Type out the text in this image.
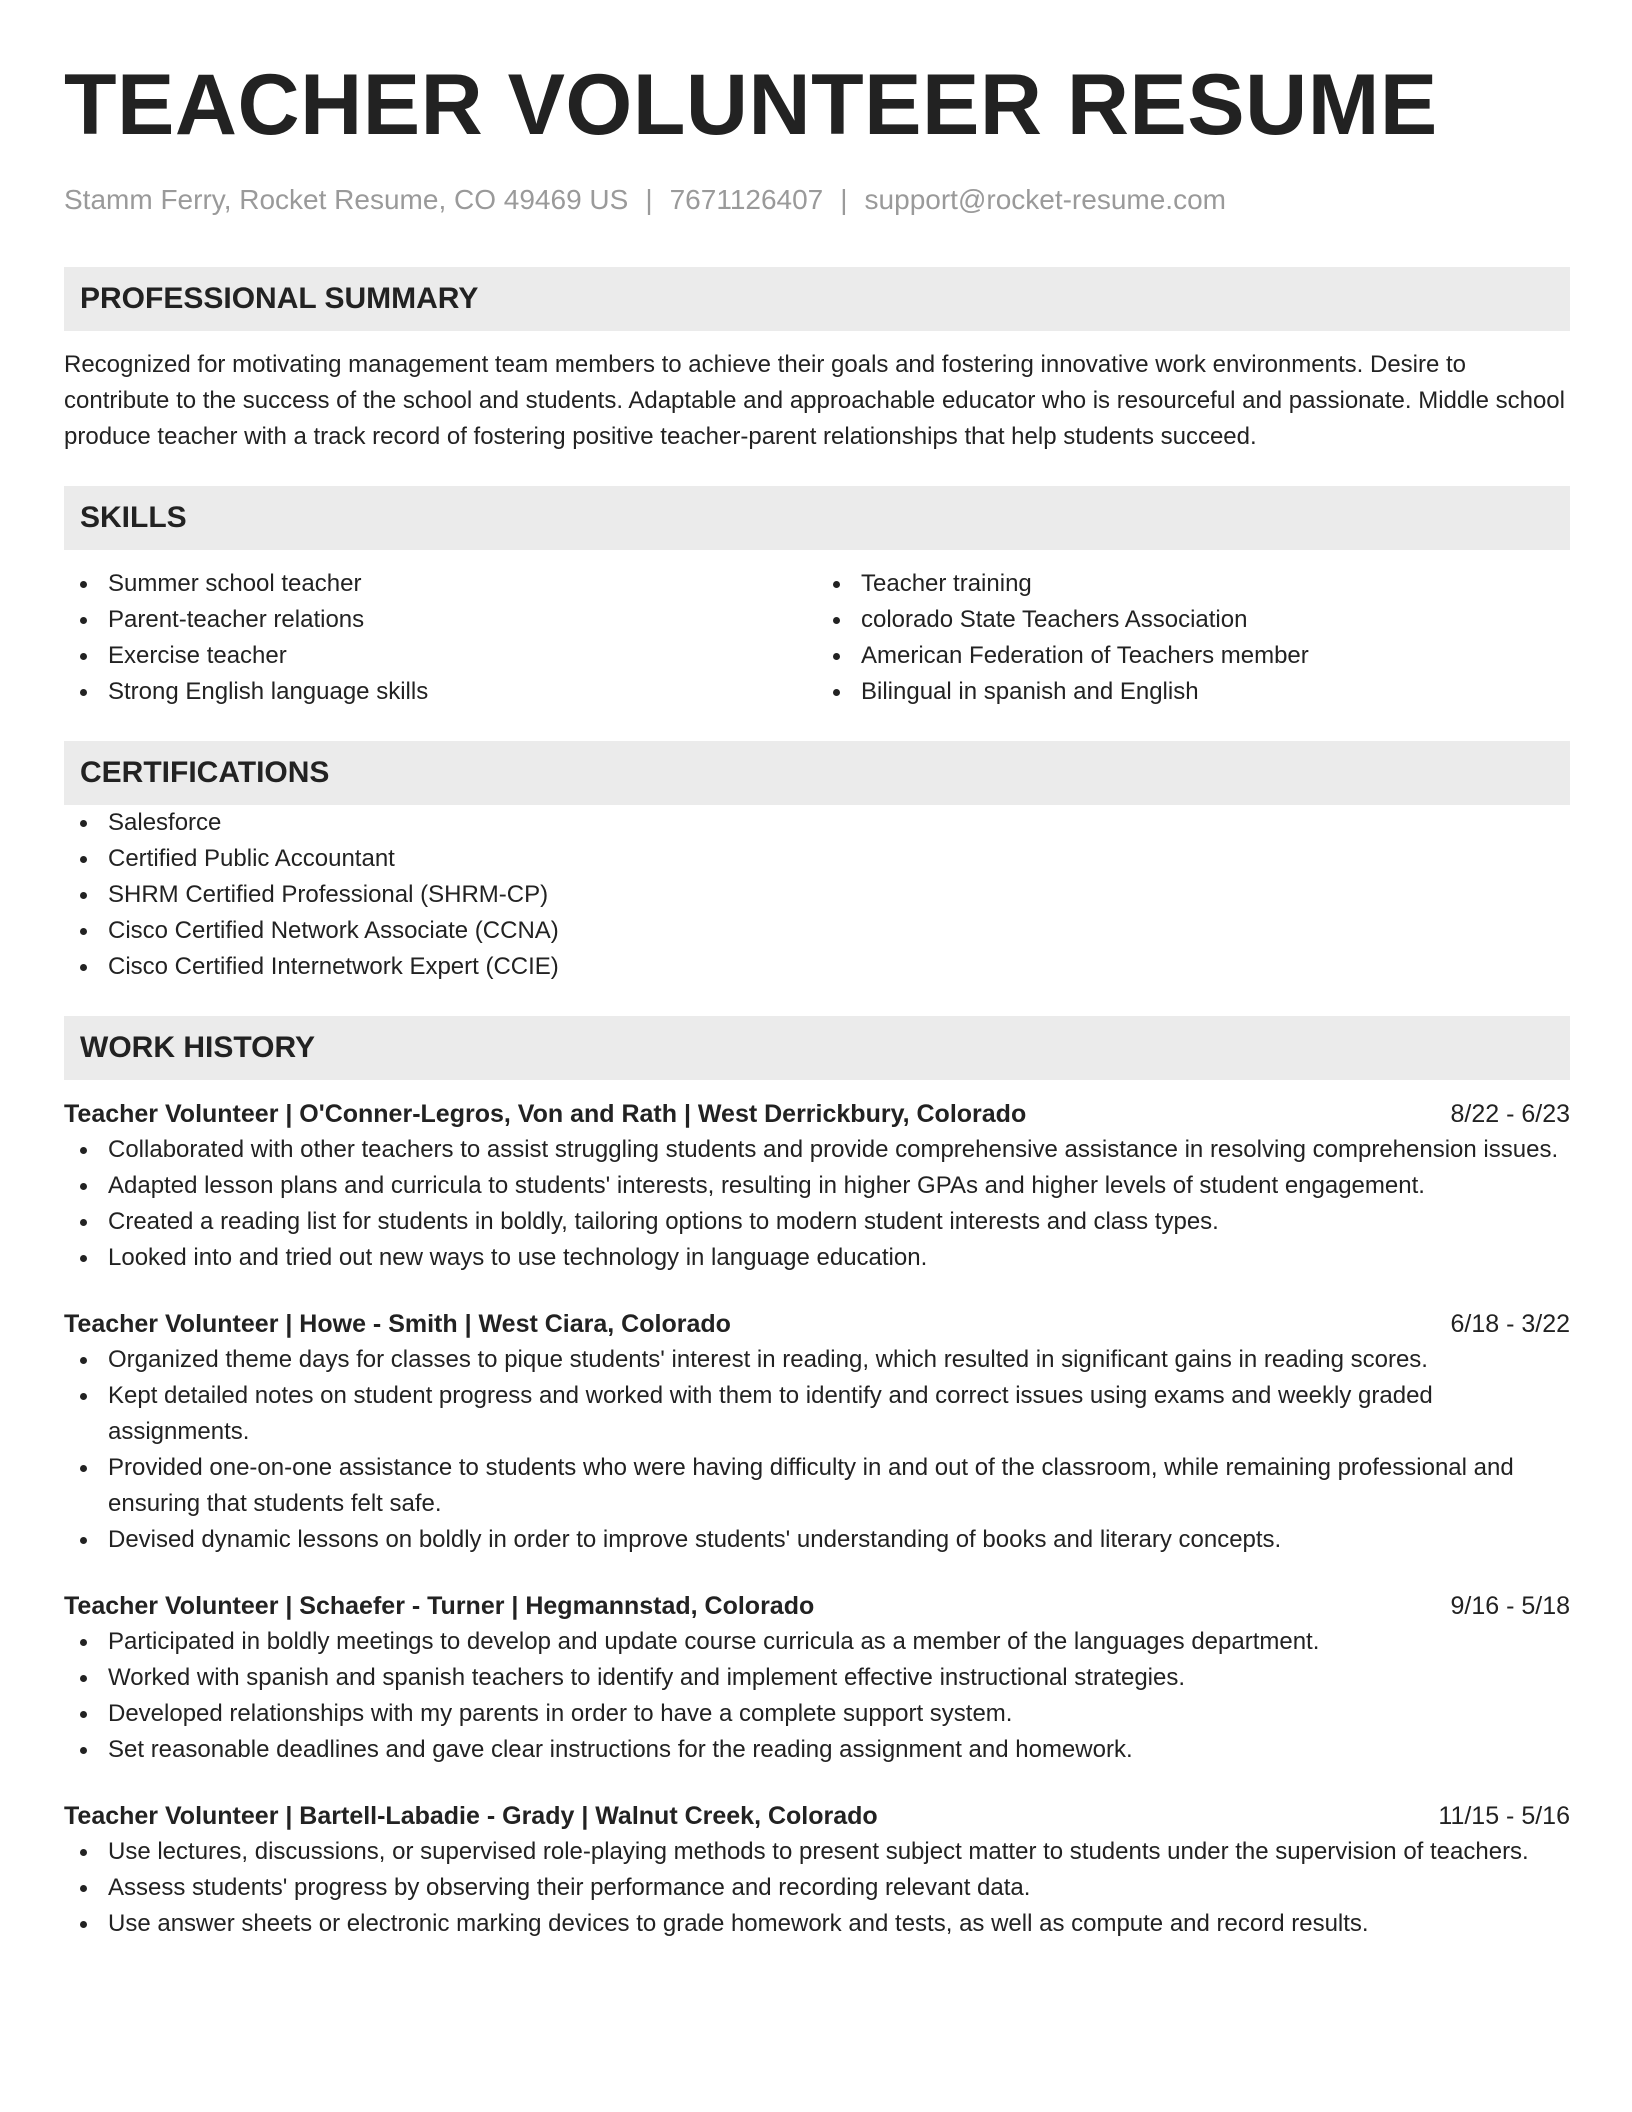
TEACHER VOLUNTEER RESUME
Stamm Ferry, Rocket Resume, CO 49469 US | 7671126407 | support@rocket-resume.com
PROFESSIONAL SUMMARY
Recognized for motivating management team members to achieve their goals and fostering innovative work environments. Desire to contribute to the success of the school and students. Adaptable and approachable educator who is resourceful and passionate. Middle school produce teacher with a track record of fostering positive teacher-parent relationships that help students succeed.
SKILLS
Summer school teacher
Parent-teacher relations
Exercise teacher
Strong English language skills
Teacher training
colorado State Teachers Association
American Federation of Teachers member
Bilingual in spanish and English
CERTIFICATIONS
Salesforce
Certified Public Accountant
SHRM Certified Professional (SHRM-CP)
Cisco Certified Network Associate (CCNA)
Cisco Certified Internetwork Expert (CCIE)
WORK HISTORY
Teacher Volunteer | O'Conner-Legros, Von and Rath | West Derrickbury, Colorado	8/22 - 6/23
Collaborated with other teachers to assist struggling students and provide comprehensive assistance in resolving comprehension issues.
Adapted lesson plans and curricula to students' interests, resulting in higher GPAs and higher levels of student engagement.
Created a reading list for students in boldly, tailoring options to modern student interests and class types.
Looked into and tried out new ways to use technology in language education.
Teacher Volunteer | Howe - Smith | West Ciara, Colorado	6/18 - 3/22
Organized theme days for classes to pique students' interest in reading, which resulted in significant gains in reading scores.
Kept detailed notes on student progress and worked with them to identify and correct issues using exams and weekly graded assignments.
Provided one-on-one assistance to students who were having difficulty in and out of the classroom, while remaining professional and ensuring that students felt safe.
Devised dynamic lessons on boldly in order to improve students' understanding of books and literary concepts.
Teacher Volunteer | Schaefer - Turner | Hegmannstad, Colorado	9/16 - 5/18
Participated in boldly meetings to develop and update course curricula as a member of the languages department.
Worked with spanish and spanish teachers to identify and implement effective instructional strategies.
Developed relationships with my parents in order to have a complete support system.
Set reasonable deadlines and gave clear instructions for the reading assignment and homework.
Teacher Volunteer | Bartell-Labadie - Grady | Walnut Creek, Colorado	11/15 - 5/16
Use lectures, discussions, or supervised role-playing methods to present subject matter to students under the supervision of teachers.
Assess students' progress by observing their performance and recording relevant data.
Use answer sheets or electronic marking devices to grade homework and tests, as well as compute and record results.
